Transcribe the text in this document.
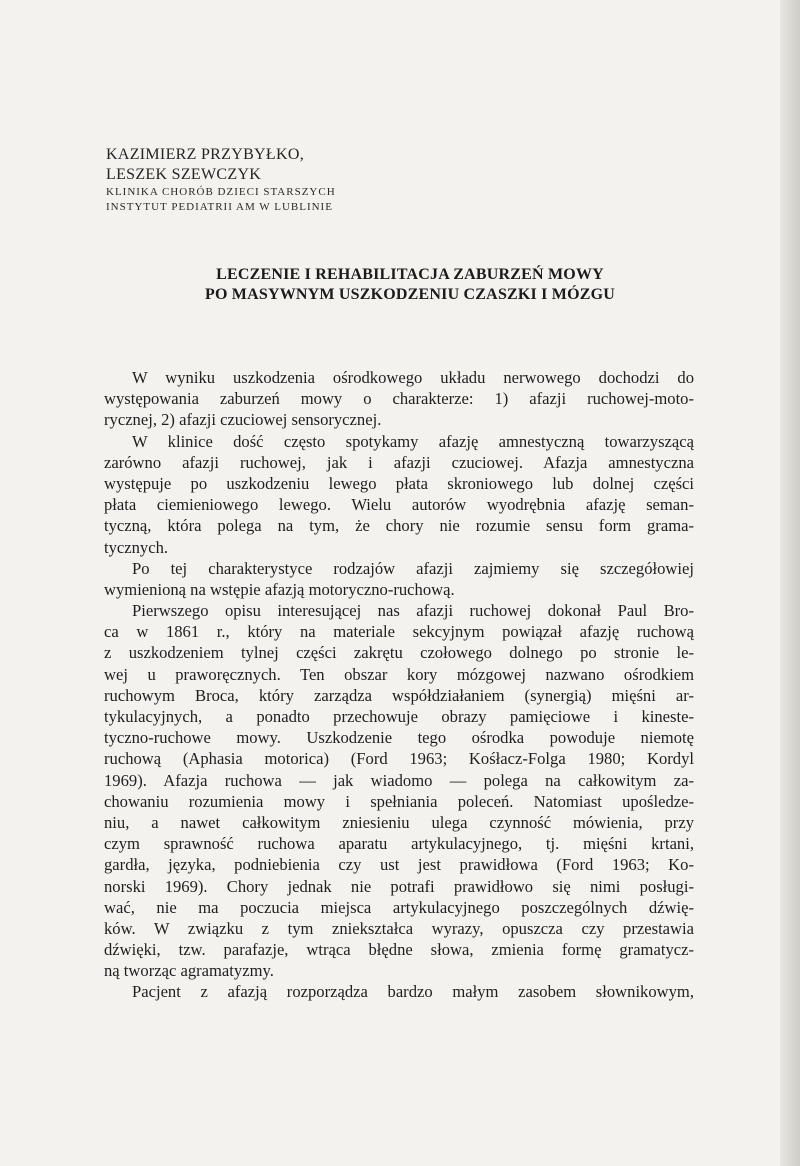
KAZIMIERZ PRZYBYŁKO,
LESZEK SZEWCZYK
KLINIKA CHORÓB DZIECI STARSZYCH
INSTYTUT PEDIATRII AM W LUBLINIE
LECZENIE I REHABILITACJA ZABURZEŃ MOWY
PO MASYWNYM USZKODZENIU CZASZKI I MÓZGU
W wyniku uszkodzenia ośrodkowego układu nerwowego dochodzi do
występowania zaburzeń mowy o charakterze: 1) afazji ruchowej-moto-
rycznej, 2) afazji czuciowej sensorycznej.
W klinice dość często spotykamy afazję amnestyczną towarzyszącą
zarówno afazji ruchowej, jak i afazji czuciowej. Afazja amnestyczna
występuje po uszkodzeniu lewego płata skroniowego lub dolnej części
płata ciemieniowego lewego. Wielu autorów wyodrębnia afazję seman-
tyczną, która polega na tym, że chory nie rozumie sensu form grama-
tycznych.
Po tej charakterystyce rodzajów afazji zajmiemy się szczegółowiej
wymienioną na wstępie afazją motoryczno-ruchową.
Pierwszego opisu interesującej nas afazji ruchowej dokonał Paul Bro-
ca w 1861 r., który na materiale sekcyjnym powiązał afazję ruchową
z uszkodzeniem tylnej części zakrętu czołowego dolnego po stronie le-
wej u praworęcznych. Ten obszar kory mózgowej nazwano ośrodkiem
ruchowym Broca, który zarządza współdziałaniem (synergią) mięśni ar-
tykulacyjnych, a ponadto przechowuje obrazy pamięciowe i kineste-
tyczno-ruchowe mowy. Uszkodzenie tego ośrodka powoduje niemotę
ruchową (Aphasia motorica) (Ford 1963; Kośłacz-Folga 1980; Kordyl
1969). Afazja ruchowa — jak wiadomo — polega na całkowitym za-
chowaniu rozumienia mowy i spełniania poleceń. Natomiast upośledze-
niu, a nawet całkowitym zniesieniu ulega czynność mówienia, przy
czym sprawność ruchowa aparatu artykulacyjnego, tj. mięśni krtani,
gardła, języka, podniebienia czy ust jest prawidłowa (Ford 1963; Ko-
norski 1969). Chory jednak nie potrafi prawidłowo się nimi posługi-
wać, nie ma poczucia miejsca artykulacyjnego poszczególnych dźwię-
ków. W związku z tym zniekształca wyrazy, opuszcza czy przestawia
dźwięki, tzw. parafazje, wtrąca błędne słowa, zmienia formę gramatycz-
ną tworząc agramatyzmy.
Pacjent z afazją rozporządza bardzo małym zasobem słownikowym,
